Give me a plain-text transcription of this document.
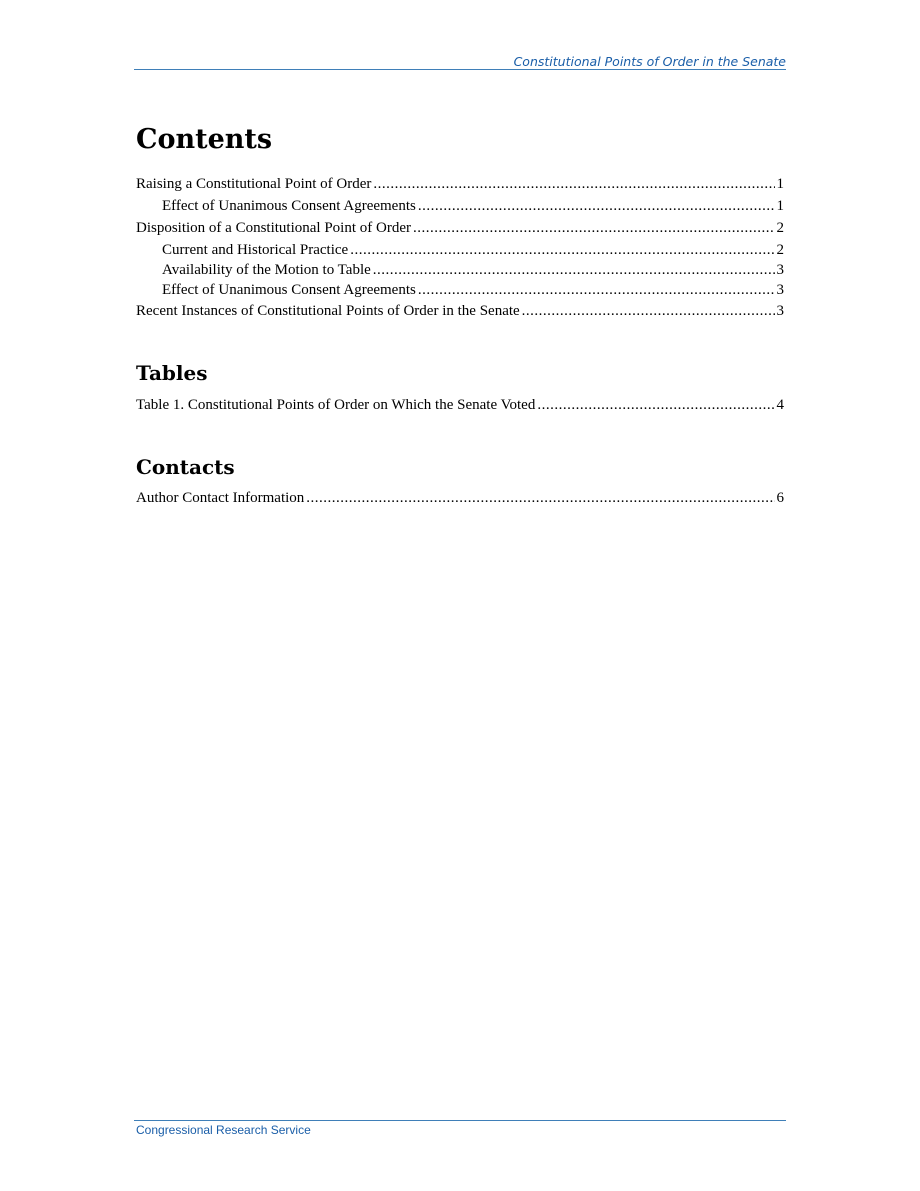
Constitutional Points of Order in the Senate
Contents
Raising a Constitutional Point of Order .....	1
Effect of Unanimous Consent Agreements .....	1
Disposition of a Constitutional Point of Order .....	2
Current and Historical Practice .....	2
Availability of the Motion to Table .....	3
Effect of Unanimous Consent Agreements .....	3
Recent Instances of Constitutional Points of Order in the Senate .....	3
Tables
Table 1. Constitutional Points of Order on Which the Senate Voted .....	4
Contacts
Author Contact Information .....	6
Congressional Research Service
